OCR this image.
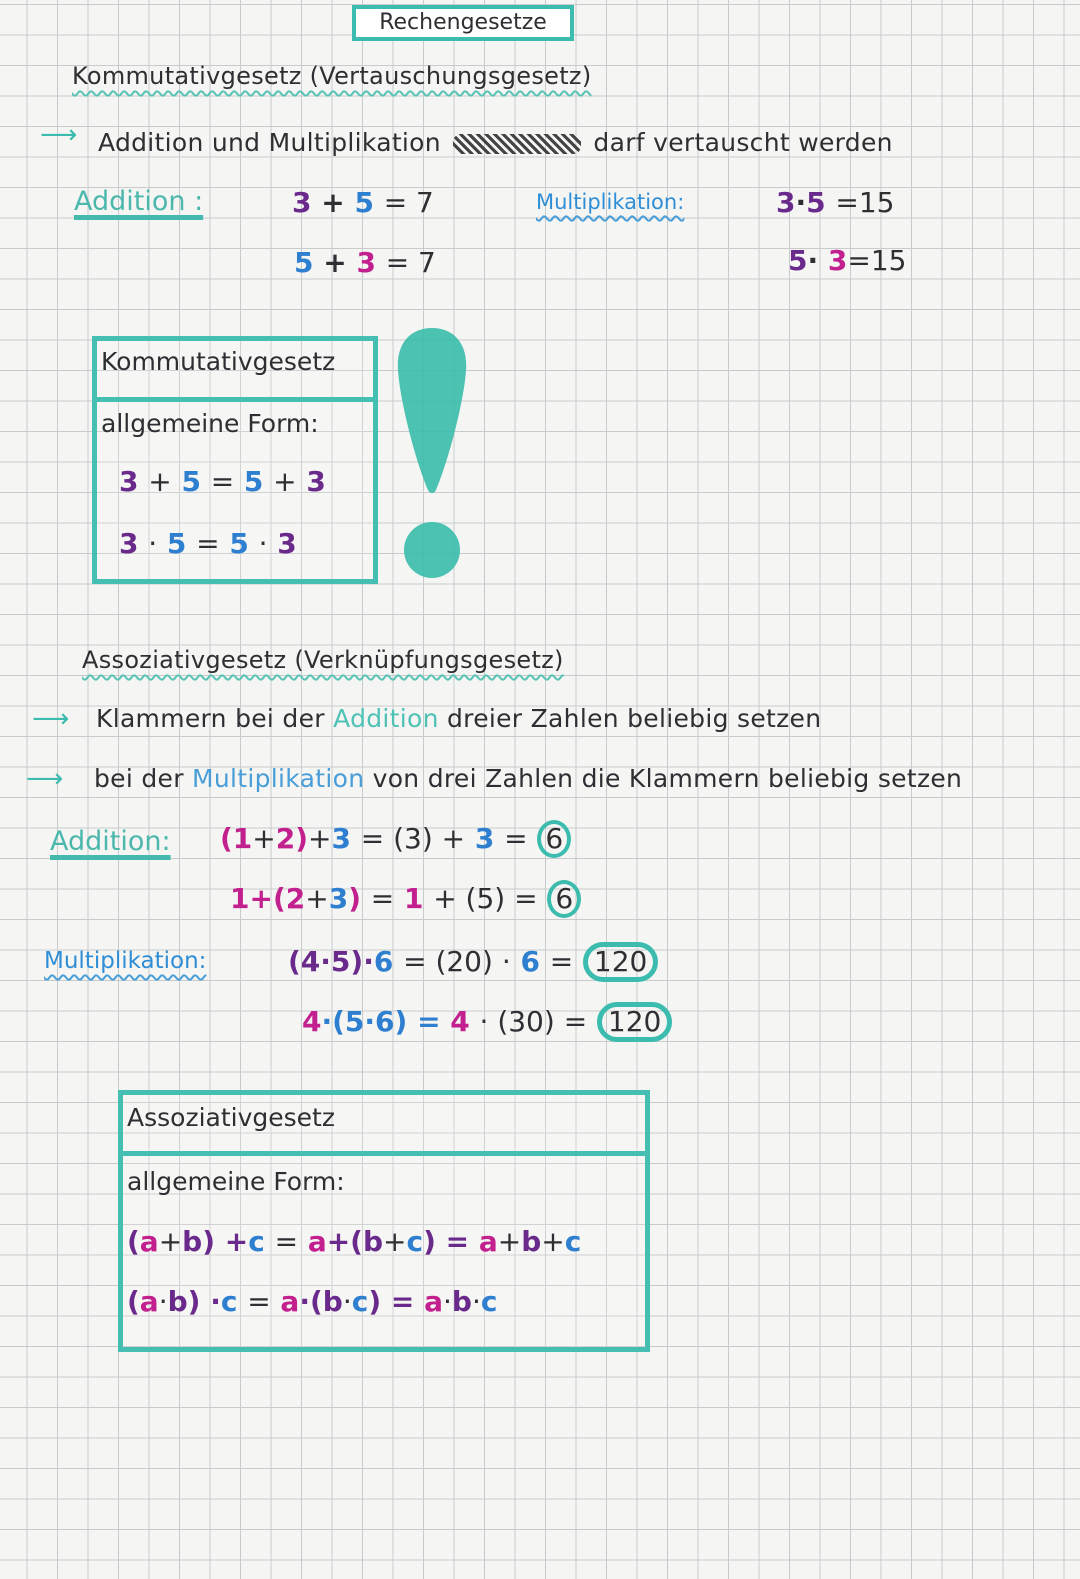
Rechengesetze
Kommutativgesetz (Vertauschungsgesetz)
⟶ Addition und Multiplikation	darf vertauscht werden
Addition :	3 + 5 = 7
5 + 3 = 7
Multiplikation:	3·5 =15
5· 3=15
Kommutativgesetz
allgemeine Form:
3 + 5 = 5 + 3
3 · 5 = 5 · 3
Assoziativgesetz (Verknüpfungsgesetz)
⟶ Klammern bei der Addition dreier Zahlen beliebig setzen
⟶ bei der Multiplikation von drei Zahlen die Klammern beliebig setzen
Addition: (1+2)+3 = (3) + 3 = 6
1+(2+3) = 1 + (5) = 6
Multiplikation:	(4·5)·6 = (20) · 6 = 120
4·(5·6) = 4 · (30) = 120
Assoziativgesetz
allgemeine Form:
(a+b) +c = a+(b+c) = a+b+c
(a·b) ·c = a·(b·c) = a·b·c
